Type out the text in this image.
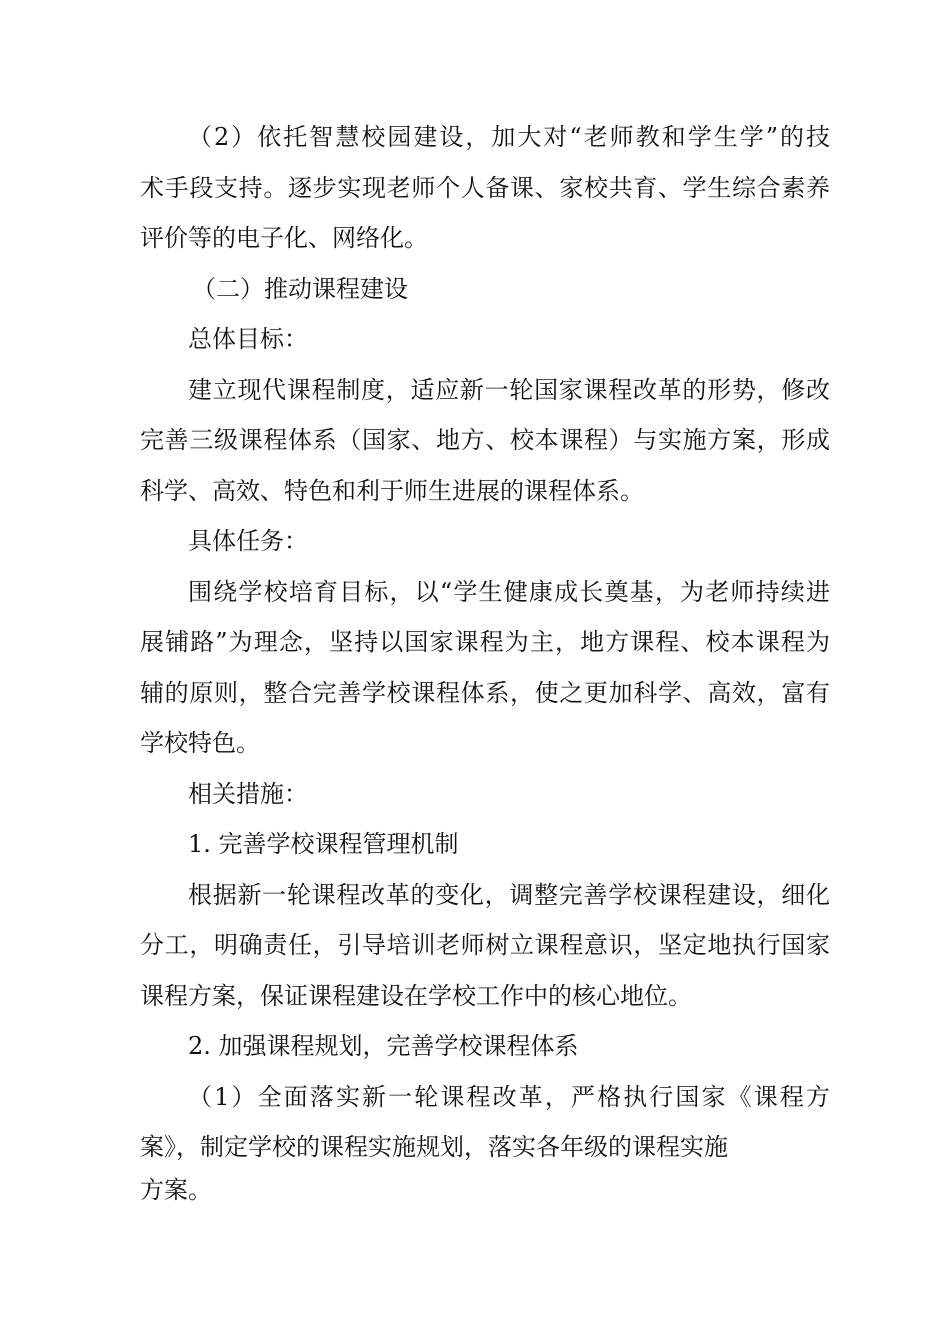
（2）依托智慧校园建设，加大对“老师教和学生学”的技
术手段支持。逐步实现老师个人备课、家校共育、学生综合素养
评价等的电子化、网络化。
（二）推动课程建设
总体目标：
建立现代课程制度，适应新一轮国家课程改革的形势，修改
完善三级课程体系（国家、地方、校本课程）与实施方案，形成
科学、高效、特色和利于师生进展的课程体系。
具体任务：
围绕学校培育目标，以“学生健康成长奠基，为老师持续进
展铺路”为理念，坚持以国家课程为主，地方课程、校本课程为
辅的原则，整合完善学校课程体系，使之更加科学、高效，富有
学校特色。
相关措施：
1. 完善学校课程管理机制
根据新一轮课程改革的变化，调整完善学校课程建设，细化
分工，明确责任，引导培训老师树立课程意识，坚定地执行国家
课程方案，保证课程建设在学校工作中的核心地位。
2. 加强课程规划，完善学校课程体系
（1）全面落实新一轮课程改革，严格执行国家《课程方
案》，制定学校的课程实施规划，落实各年级的课程实施
方案。
